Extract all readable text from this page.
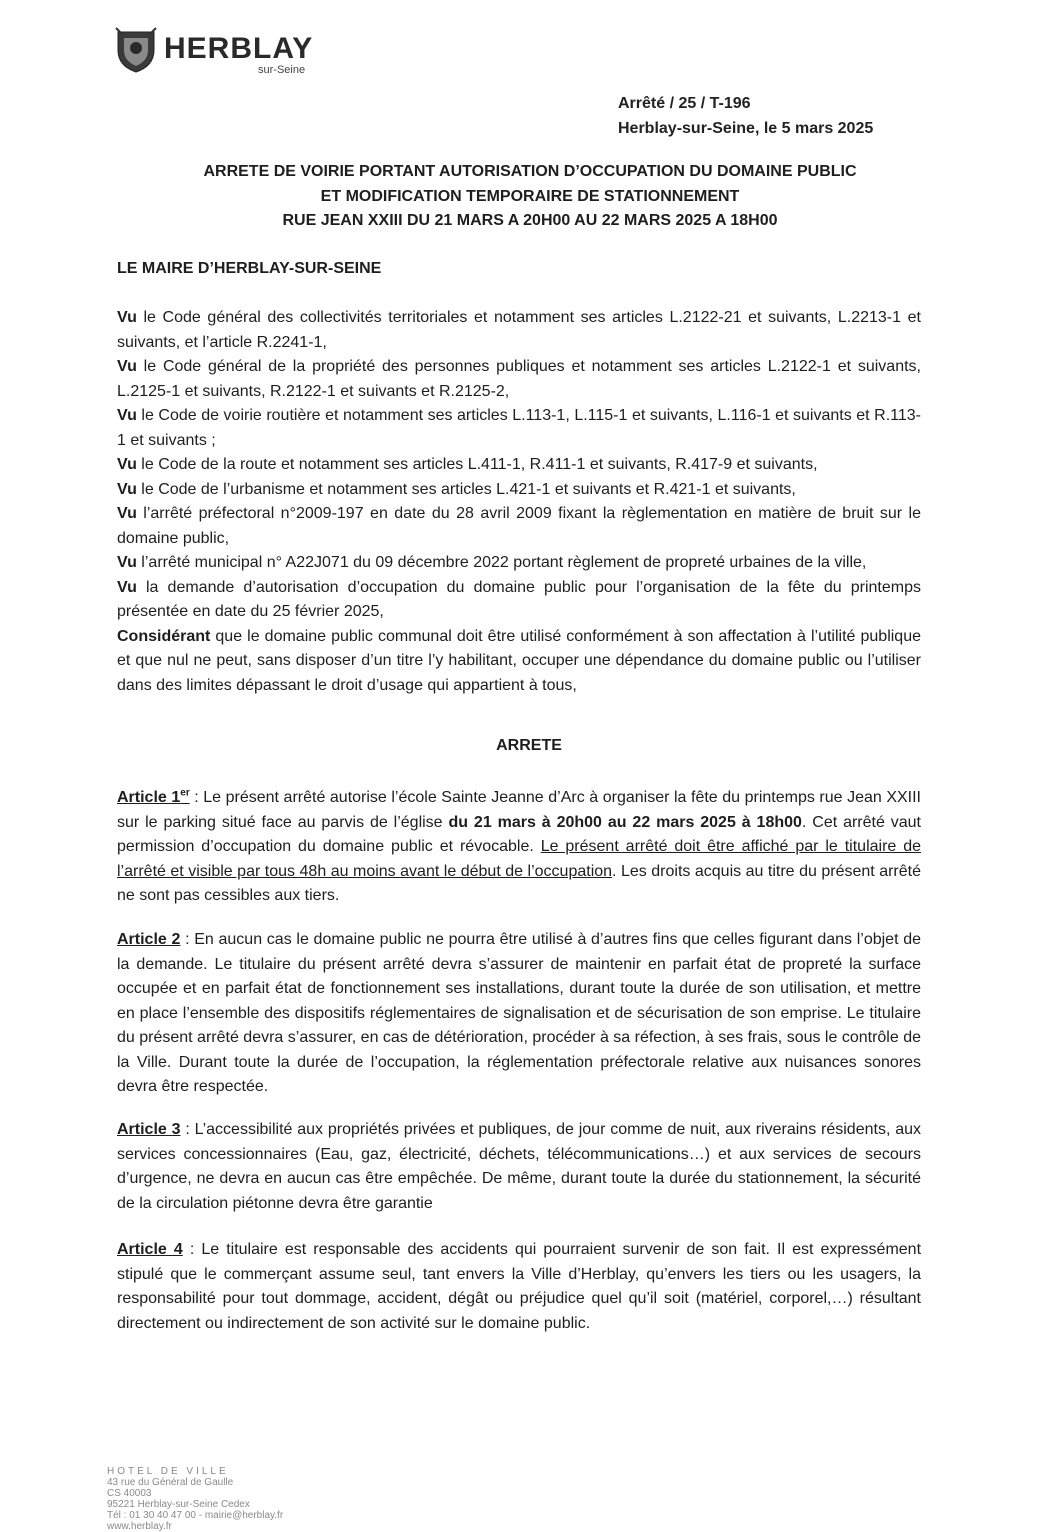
HERBLAY
sur-Seine
Arrêté / 25 / T-196
Herblay-sur-Seine, le 5 mars 2025
ARRETE DE VOIRIE PORTANT AUTORISATION D’OCCUPATION DU DOMAINE PUBLIC
ET MODIFICATION TEMPORAIRE DE STATIONNEMENT
RUE JEAN XXIII DU 21 MARS A 20H00 AU 22 MARS 2025 A 18H00
LE MAIRE D’HERBLAY-SUR-SEINE

Vu le Code général des collectivités territoriales et notamment ses articles L.2122-21 et suivants, L.2213-1 et suivants, et l’article R.2241-1,

Vu le Code général de la propriété des personnes publiques et notamment ses articles L.2122-1 et suivants, L.2125-1 et suivants, R.2122-1 et suivants et R.2125-2,

Vu le Code de voirie routière et notamment ses articles L.113-1, L.115-1 et suivants, L.116-1 et suivants et R.113-1 et suivants ;

Vu le Code de la route et notamment ses articles L.411-1, R.411-1 et suivants, R.417-9 et suivants,

Vu le Code de l’urbanisme et notamment ses articles L.421-1 et suivants et R.421-1 et suivants,

Vu l’arrêté préfectoral n°2009-197 en date du 28 avril 2009 fixant la règlementation en matière de bruit sur le domaine public,

Vu l’arrêté municipal n° A22J071 du 09 décembre 2022 portant règlement de propreté urbaines de la ville,

Vu la demande d’autorisation d’occupation du domaine public pour l’organisation de la fête du printemps présentée en date du 25 février 2025,

Considérant que le domaine public communal doit être utilisé conformément à son affectation à l’utilité publique et que nul ne peut, sans disposer d’un titre l’y habilitant, occuper une dépendance du domaine public ou l’utiliser dans des limites dépassant le droit d’usage qui appartient à tous,

ARRETE

Article 1er : Le présent arrêté autorise l’école Sainte Jeanne d’Arc à organiser la fête du printemps rue Jean XXIII sur le parking situé face au parvis de l’église du 21 mars à 20h00 au 22 mars 2025 à 18h00. Cet arrêté vaut permission d’occupation du domaine public et révocable. Le présent arrêté doit être affiché par le titulaire de l’arrêté et visible par tous 48h au moins avant le début de l’occupation. Les droits acquis au titre du présent arrêté ne sont pas cessibles aux tiers.

Article 2 : En aucun cas le domaine public ne pourra être utilisé à d’autres fins que celles figurant dans l’objet de la demande. Le titulaire du présent arrêté devra s’assurer de maintenir en parfait état de propreté la surface occupée et en parfait état de fonctionnement ses installations, durant toute la durée de son utilisation, et mettre en place l’ensemble des dispositifs réglementaires de signalisation et de sécurisation de son emprise. Le titulaire du présent arrêté devra s’assurer, en cas de détérioration, procéder à sa réfection, à ses frais, sous le contrôle de la Ville. Durant toute la durée de l’occupation, la réglementation préfectorale relative aux nuisances sonores devra être respectée.

Article 3 : L’accessibilité aux propriétés privées et publiques, de jour comme de nuit, aux riverains résidents, aux services concessionnaires (Eau, gaz, électricité, déchets, télécommunications…) et aux services de secours d’urgence, ne devra en aucun cas être empêchée. De même, durant toute la durée du stationnement, la sécurité de la circulation piétonne devra être garantie

Article 4 : Le titulaire est responsable des accidents qui pourraient survenir de son fait. Il est expressément stipulé que le commerçant assume seul, tant envers la Ville d’Herblay, qu’envers les tiers ou les usagers, la responsabilité pour tout dommage, accident, dégât ou préjudice quel qu’il soit (matériel, corporel,…) résultant directement ou indirectement de son activité sur le domaine public.

HOTEL DE VILLE
43 rue du Général de Gaulle
CS 40003
95221 Herblay-sur-Seine Cedex
Tél : 01 30 40 47 00 - mairie@herblay.fr
www.herblay.fr
